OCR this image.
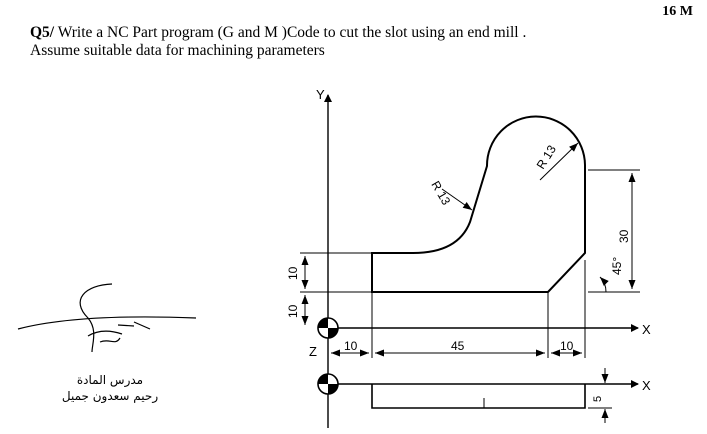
16 M
Q5/ Write a NC Part program (G and M )Code to cut the slot using an end mill .
Assume suitable data for machining parameters
Y
X
X
Z
10
10
10	45	10
30
45°
R 13
R 13
5
مدرس المادة
رحيم سعدون جميل
